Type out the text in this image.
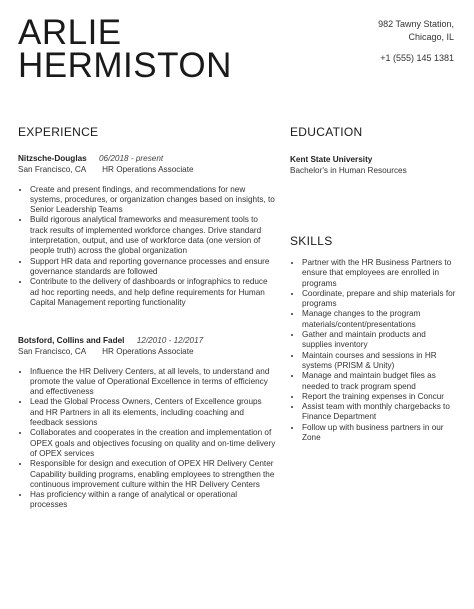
ARLIE
HERMISTON
982 Tawny Station,
Chicago, IL
+1 (555) 145 1381
EXPERIENCE
Nitzsche-Douglas 06/2018 - present
San Francisco, CA HR Operations Associate
• Create and present findings, and recommendations for new systems, procedures, or organization changes based on insights, to Senior Leadership Teams
• Build rigorous analytical frameworks and measurement tools to track results of implemented workforce changes. Drive standard interpretation, output, and use of workforce data (one version of people truth) across the global organization
• Support HR data and reporting governance processes and ensure governance standards are followed
• Contribute to the delivery of dashboards or infographics to reduce ad hoc reporting needs, and help define requirements for Human Capital Management reporting functionality
Botsford, Collins and Fadel 12/2010 - 12/2017
San Francisco, CA HR Operations Associate
• Influence the HR Delivery Centers, at all levels, to understand and promote the value of Operational Excellence in terms of efficiency and effectiveness
• Lead the Global Process Owners, Centers of Excellence groups and HR Partners in all its elements, including coaching and feedback sessions
• Collaborates and cooperates in the creation and implementation of OPEX goals and objectives focusing on quality and on-time delivery of OPEX services
• Responsible for design and execution of OPEX HR Delivery Center Capability building programs, enabling employees to strengthen the continuous improvement culture within the HR Delivery Centers
• Has proficiency within a range of analytical or operational processes
EDUCATION
Kent State University
Bachelor's in Human Resources
SKILLS
• Partner with the HR Business Partners to ensure that employees are enrolled in programs
• Coordinate, prepare and ship materials for programs
• Manage changes to the program materials/content/presentations
• Gather and maintain products and supplies inventory
• Maintain courses and sessions in HR systems (PRISM & Unity)
• Manage and maintain budget files as needed to track program spend
• Report the training expenses in Concur
• Assist team with monthly chargebacks to Finance Department
• Follow up with business partners in our Zone
